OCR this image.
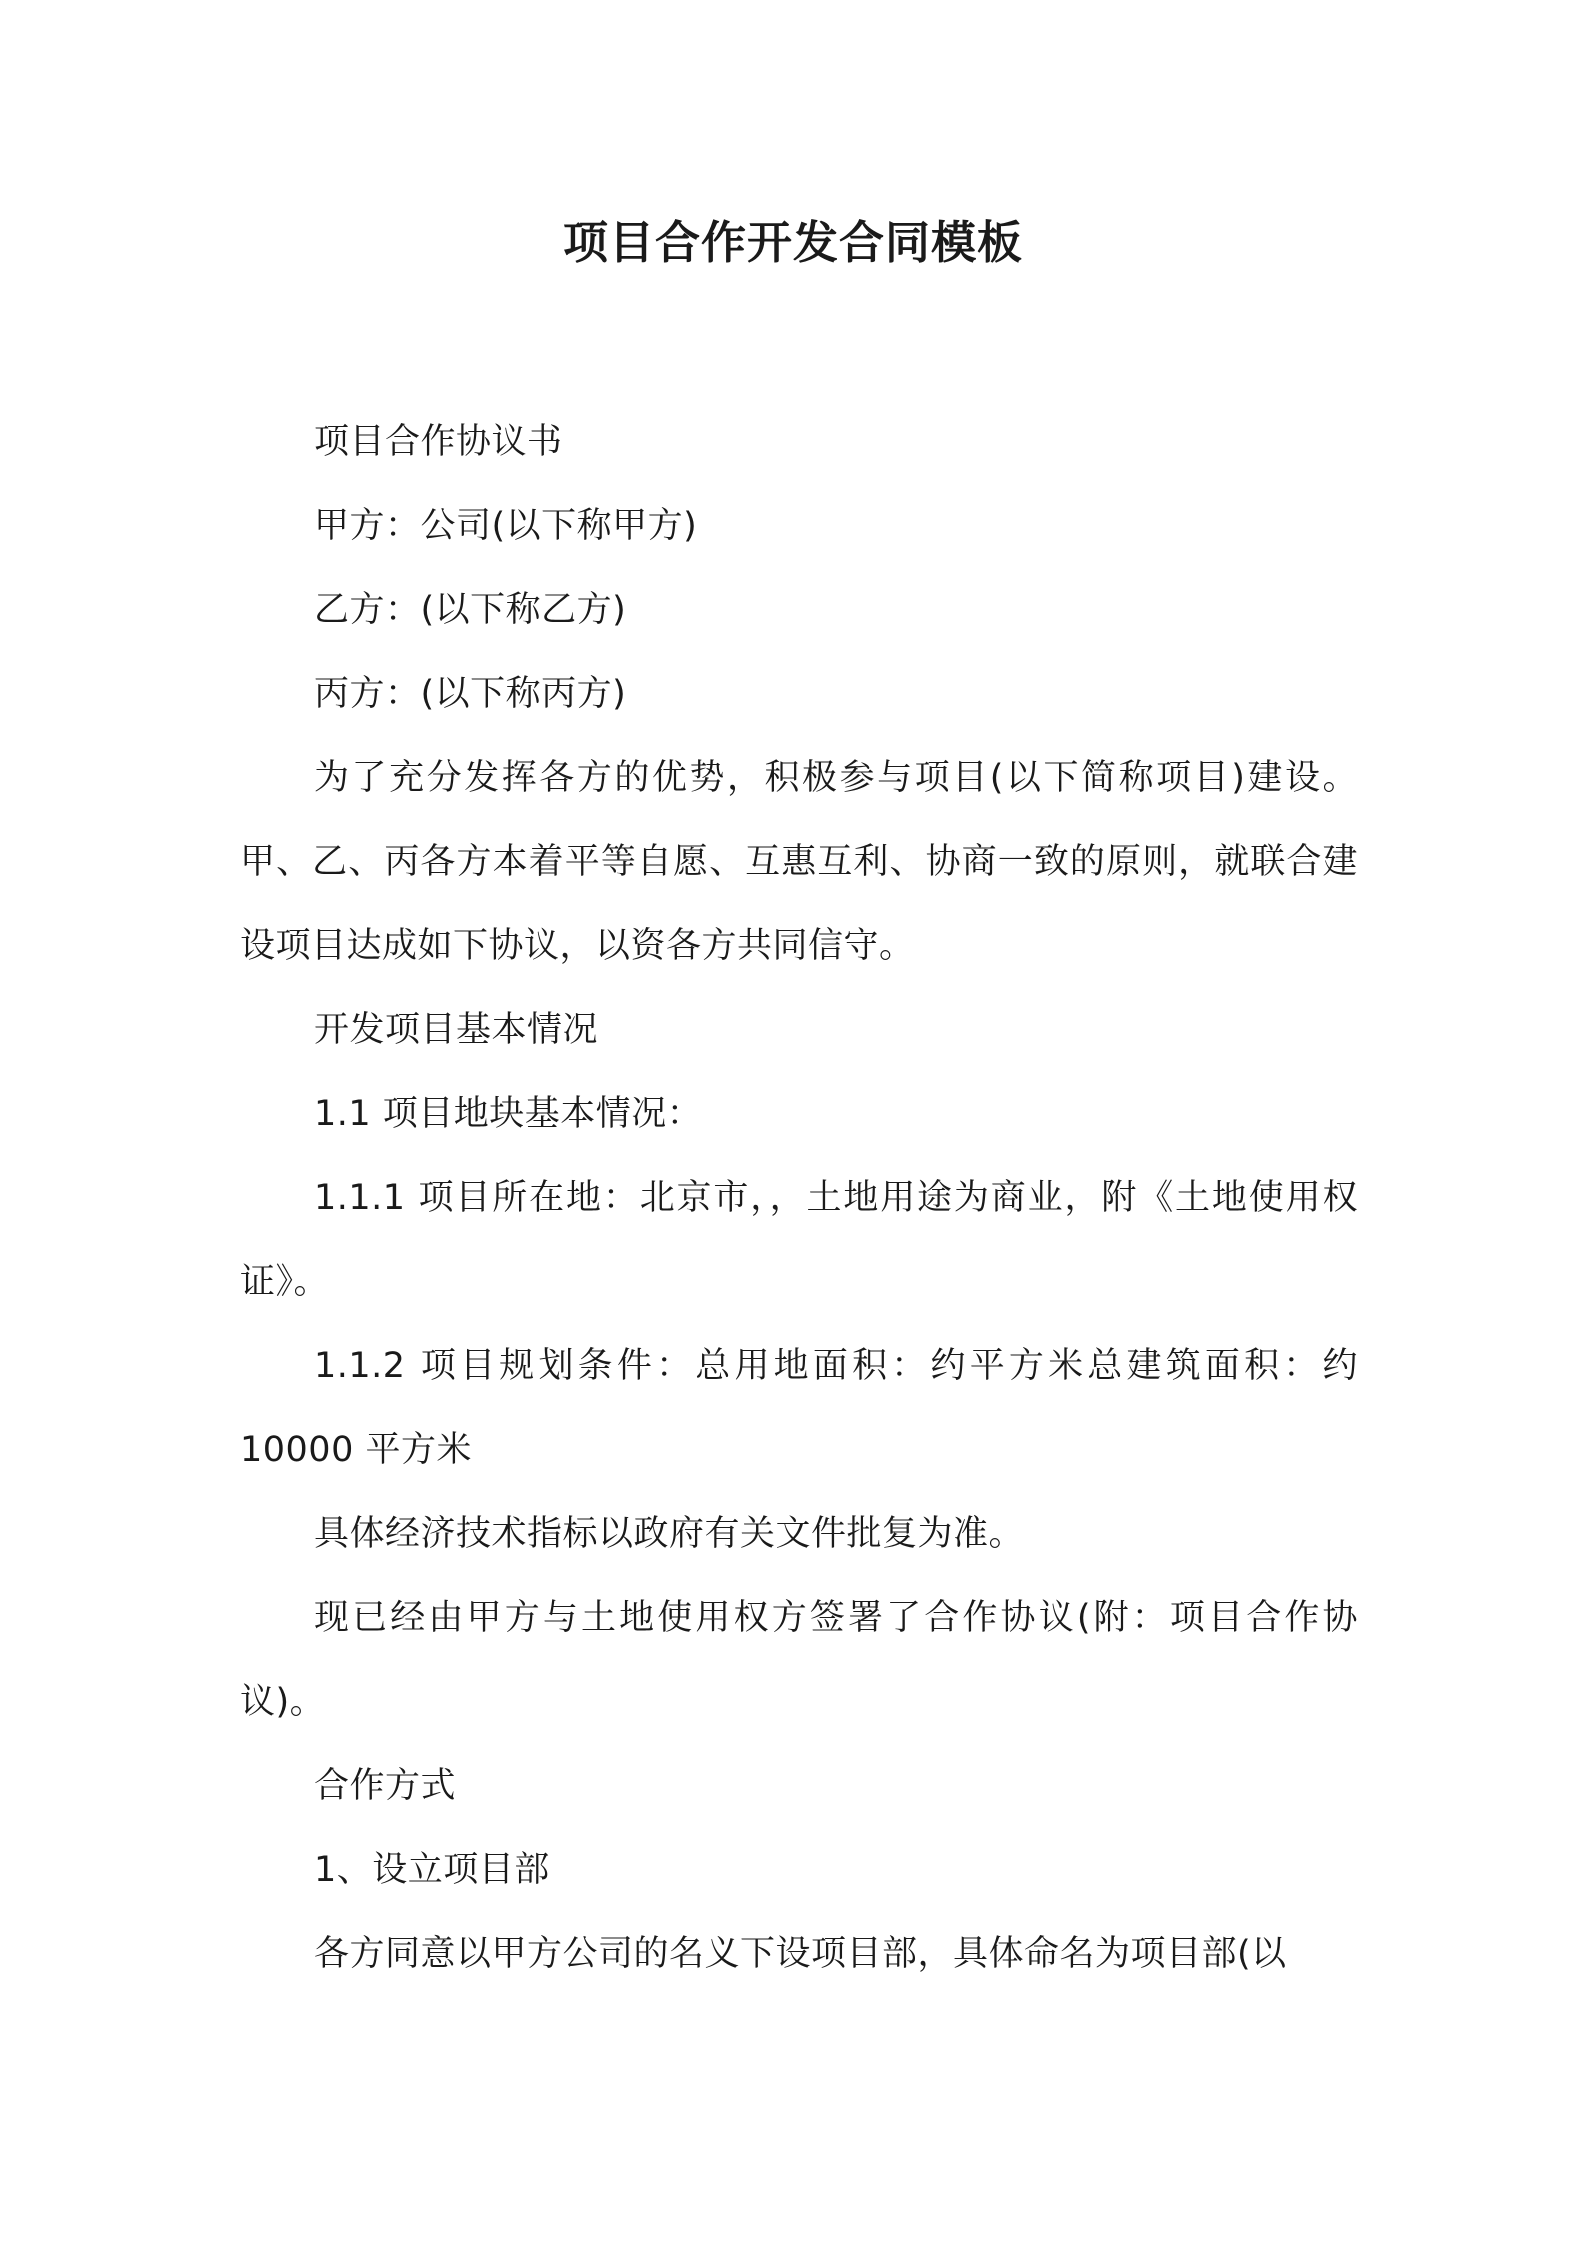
项目合作开发合同模板

项目合作协议书

甲方：公司(以下称甲方)

乙方：(以下称乙方)

丙方：(以下称丙方)

为了充分发挥各方的优势，积极参与项目(以下简称项目)建设。甲、乙、丙各方本着平等自愿、互惠互利、协商一致的原则，就联合建设项目达成如下协议，以资各方共同信守。

开发项目基本情况

1.1 项目地块基本情况：

1.1.1 项目所在地：北京市，，土地用途为商业，附《土地使用权证》。

1.1.2 项目规划条件：总用地面积：约平方米总建筑面积：约 10000 平方米

具体经济技术指标以政府有关文件批复为准。

现已经由甲方与土地使用权方签署了合作协议(附：项目合作协议)。

合作方式

1、设立项目部

各方同意以甲方公司的名义下设项目部，具体命名为项目部(以
